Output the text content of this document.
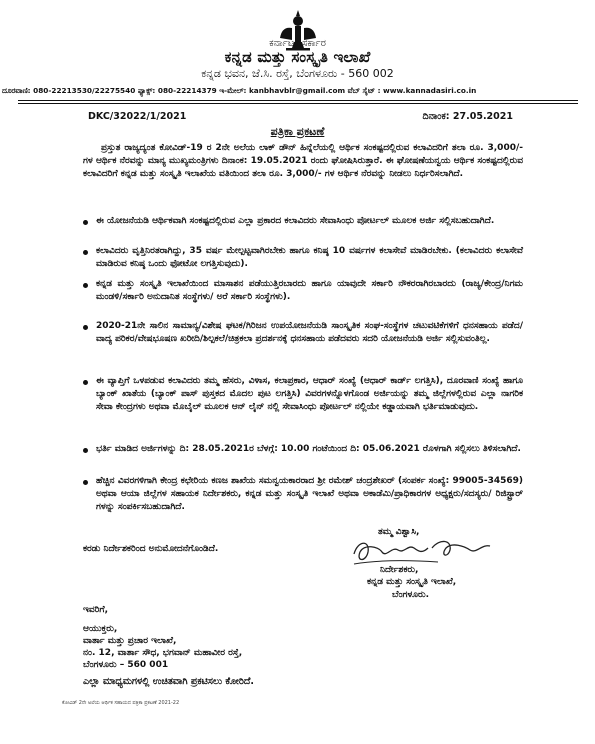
ಕರ್ನಾಟಕ ಸರ್ಕಾರ
ಕನ್ನಡ ಮತ್ತು ಸಂಸ್ಕೃತಿ ಇಲಾಖೆ
ಕನ್ನಡ ಭವನ, ಜೆ.ಸಿ. ರಸ್ತೆ, ಬೆಂಗಳೂರು - 560 002
ದೂರವಾಣಿ: 080-22213530/22275540 ಫ್ಯಾಕ್ಸ್: 080-22214379 ಇ-ಮೇಲ್: kanbhavblr@gmail.com ವೆಬ್ ಸೈಟ್ : www.kannadasiri.co.in
DKC/32022/1/2021	ದಿನಾಂಕ: 27.05.2021
ಪತ್ರಿಕಾ ಪ್ರಕಟಣೆ
ಪ್ರಸ್ತುತ ರಾಜ್ಯದ್ಯಂತ ಕೋವಿಡ್-19 ರ 2ನೇ ಅಲೆಯ ಲಾಕ್ ಡೌನ್ ಹಿನ್ನೆಲೆಯಲ್ಲಿ ಆರ್ಥಿಕ ಸಂಕಷ್ಟದಲ್ಲಿರುವ ಕಲಾವಿದರಿಗೆ ತಲಾ ರೂ. 3,000/- ಗಳ ಆರ್ಥಿಕ ನೆರವನ್ನು ಮಾನ್ಯ ಮುಖ್ಯಮಂತ್ರಿಗಳು ದಿನಾಂಕ: 19.05.2021 ರಂದು ಘೋಷಿಸಿರುತ್ತಾರೆ. ಈ ಘೋಷಣೆಯನ್ವಯ ಆರ್ಥಿಕ ಸಂಕಷ್ಟದಲ್ಲಿರುವ ಕಲಾವಿದರಿಗೆ ಕನ್ನಡ ಮತ್ತು ಸಂಸ್ಕೃತಿ ಇಲಾಖೆಯ ವತಿಯಿಂದ ತಲಾ ರೂ. 3,000/- ಗಳ ಆರ್ಥಿಕ ನೆರವನ್ನು ನೀಡಲು ನಿರ್ಧರಿಸಲಾಗಿದೆ.
ಈ ಯೋಜನೆಯಡಿ ಆರ್ಥಿಕವಾಗಿ ಸಂಕಷ್ಟದಲ್ಲಿರುವ ಎಲ್ಲಾ ಪ್ರಕಾರದ ಕಲಾವಿದರು ಸೇವಾಸಿಂಧು ಪೋರ್ಟಲ್ ಮೂಲಕ ಅರ್ಜಿ ಸಲ್ಲಿಸಬಹುದಾಗಿದೆ.
ಕಲಾವಿದರು ವೃತ್ತಿನಿರತರಾಗಿದ್ದು, 35 ವರ್ಷ ಮೇಲ್ಪಟ್ಟವಾಗಿರಬೇಕು ಹಾಗೂ ಕನಿಷ್ಠ 10 ವರ್ಷಗಳ ಕಲಾಸೇವೆ ಮಾಡಿರಬೇಕು. (ಕಲಾವಿದರು ಕಲಾಸೇವೆ ಮಾಡಿರುವ ಕನಿಷ್ಠ ಒಂದು ಫೋಟೋ ಲಗತ್ತಿಸುವುದು).
ಕನ್ನಡ ಮತ್ತು ಸಂಸ್ಕೃತಿ ಇಲಾಖೆಯಿಂದ ಮಾಸಾಶನ ಪಡೆಯುತ್ತಿರಬಾರದು ಹಾಗೂ ಯಾವುದೇ ಸರ್ಕಾರಿ ನೌಕರರಾಗಿರಬಾರದು (ರಾಜ್ಯ/ಕೇಂದ್ರ/ನಿಗಮ ಮಂಡಳಿ/ಸರ್ಕಾರಿ ಅನುದಾನಿತ ಸಂಸ್ಥೆಗಳು/ ಅರೆ ಸರ್ಕಾರಿ ಸಂಸ್ಥೆಗಳು).
2020-21ನೇ ಸಾಲಿನ ಸಾಮಾನ್ಯ/ವಿಶೇಷ ಘಟಕ/ಗಿರಿಜನ ಉಪಯೋಜನೆಯಡಿ ಸಾಂಸ್ಕೃತಿಕ ಸಂಘ-ಸಂಸ್ಥೆಗಳ ಚಟುವಟಿಕೆಗಳಿಗೆ ಧನಸಹಾಯ ಪಡೆದ/ವಾದ್ಯ ಪರಿಕರ/ವೇಷಭೂಷಣ ಖರೀದಿ/ಶಿಲ್ಪಕಲೆ/ಚಿತ್ರಕಲಾ ಪ್ರದರ್ಶನಕ್ಕೆ ಧನಸಹಾಯ ಪಡೆದವರು ಸದರಿ ಯೋಜನೆಯಡಿ ಅರ್ಜಿ ಸಲ್ಲಿಸುವಂತಿಲ್ಲ.
ಈ ವ್ಯಾಪ್ತಿಗೆ ಒಳಪಡುವ ಕಲಾವಿದರು ತಮ್ಮ ಹೆಸರು, ವಿಳಾಸ, ಕಲಾಪ್ರಕಾರ, ಆಧಾರ್ ಸಂಖ್ಯೆ (ಆಧಾರ್ ಕಾರ್ಡ್ ಲಗತ್ತಿಸಿ), ದೂರವಾಣಿ ಸಂಖ್ಯೆ ಹಾಗೂ ಬ್ಯಾಂಕ್ ಖಾತೆಯ (ಬ್ಯಾಂಕ್ ಪಾಸ್ ಪುಸ್ತಕದ ಮೊದಲ ಪುಟ ಲಗತ್ತಿಸಿ) ವಿವರಗಳನ್ನೊಳಗೊಂಡ ಅರ್ಜಿಯನ್ನು ತಮ್ಮ ಜಿಲ್ಲೆಗಳಲ್ಲಿರುವ ಎಲ್ಲಾ ನಾಗರಿಕ ಸೇವಾ ಕೇಂದ್ರಗಳು ಅಥವಾ ಮೊಬೈಲ್ ಮೂಲಕ ಆನ್ ಲೈನ್ ನಲ್ಲಿ ಸೇವಾಸಿಂಧು ಪೋರ್ಟಲ್ ನಲ್ಲಿಯೇ ಕಡ್ಡಾಯವಾಗಿ ಭರ್ತಿಮಾಡುವುದು.
ಭರ್ತಿ ಮಾಡಿದ ಅರ್ಜಿಗಳನ್ನು ದಿ: 28.05.2021ರ ಬೆಳಗ್ಗೆ: 10.00 ಗಂಟೆಯಿಂದ ದಿ: 05.06.2021 ರೊಳಗಾಗಿ ಸಲ್ಲಿಸಲು ತಿಳಿಸಲಾಗಿದೆ.
ಹೆಚ್ಚಿನ ವಿವರಗಳಿಗಾಗಿ ಕೇಂದ್ರ ಕಛೇರಿಯ ಕಣಜ ಶಾಖೆಯ ಸಮನ್ವಯಕಾರರಾದ ಶ್ರೀ ರಮೇಶ್ ಚಂದ್ರಶೇಖರ್ (ಸಂಪರ್ಕ ಸಂಖ್ಯೆ: 99005-34569) ಅಥವಾ ಆಯಾ ಜಿಲ್ಲೆಗಳ ಸಹಾಯಕ ನಿರ್ದೇಶಕರು, ಕನ್ನಡ ಮತ್ತು ಸಂಸ್ಕೃತಿ ಇಲಾಖೆ ಅಥವಾ ಅಕಾಡೆಮಿ/ಪ್ರಾಧಿಕಾರಗಳ ಅಧ್ಯಕ್ಷರು/ಸದಸ್ಯರು/ ರಿಜಿಸ್ಟ್ರಾರ್ ಗಳನ್ನು ಸಂಪರ್ಕಿಸಬಹುದಾಗಿದೆ.
ತಮ್ಮ ವಿಶ್ವಾಸಿ,
ನಿರ್ದೇಶಕರು,
ಕನ್ನಡ ಮತ್ತು ಸಂಸ್ಕೃತಿ ಇಲಾಖೆ,
ಬೆಂಗಳೂರು.
ಕರಡು ನಿರ್ದೇಶಕರಿಂದ ಅನುಮೋದನೆಗೊಂಡಿದೆ.
ಇವರಿಗೆ,
ಆಯುಕ್ತರು,
ವಾರ್ತಾ ಮತ್ತು ಪ್ರಚಾರ ಇಲಾಖೆ,
ನಂ. 12, ವಾರ್ತಾ ಸೌಧ, ಭಗವಾನ್ ಮಹಾವೀರ ರಸ್ತೆ,
ಬೆಂಗಳೂರು – 560 001
ಎಲ್ಲಾ ಮಾಧ್ಯಮಗಳಲ್ಲಿ ಉಚಿತವಾಗಿ ಪ್ರಕಟಿಸಲು ಕೋರಿದೆ.
ಕೋವಿಡ್ 2ನೇ ಅಲೆಯ ಆರ್ಥಿಕ ಸಹಾಯದ ಪತ್ರಿಕಾ ಪ್ರಕಟಣೆ 2021-22
